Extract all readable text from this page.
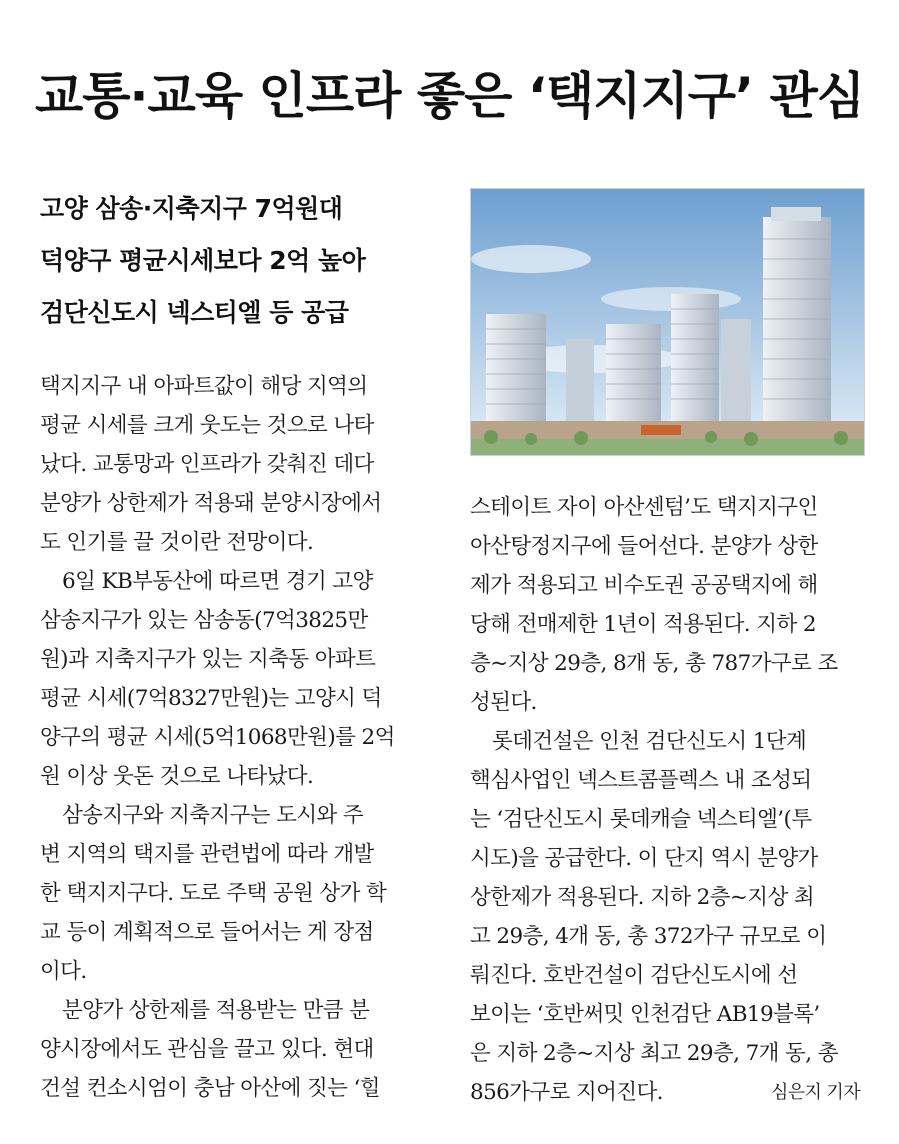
교통·교육 인프라 좋은 ‘택지지구’ 관심
고양 삼송·지축지구 7억원대
덕양구 평균시세보다 2억 높아
검단신도시 넥스티엘 등 공급
택지지구 내 아파트값이 해당 지역의
평균 시세를 크게 웃도는 것으로 나타
났다. 교통망과 인프라가 갖춰진 데다
분양가 상한제가 적용돼 분양시장에서
도 인기를 끌 것이란 전망이다.
6일 KB부동산에 따르면 경기 고양
삼송지구가 있는 삼송동(7억3825만
원)과 지축지구가 있는 지축동 아파트
평균 시세(7억8327만원)는 고양시 덕
양구의 평균 시세(5억1068만원)를 2억
원 이상 웃돈 것으로 나타났다.
삼송지구와 지축지구는 도시와 주
변 지역의 택지를 관련법에 따라 개발
한 택지지구다. 도로 주택 공원 상가 학
교 등이 계획적으로 들어서는 게 장점
이다.
분양가 상한제를 적용받는 만큼 분
양시장에서도 관심을 끌고 있다. 현대
건설 컨소시엄이 충남 아산에 짓는 ‘힐
스테이트 자이 아산센텀’도 택지지구인
아산탕정지구에 들어선다. 분양가 상한
제가 적용되고 비수도권 공공택지에 해
당해 전매제한 1년이 적용된다. 지하 2
층~지상 29층, 8개 동, 총 787가구로 조
성된다.
롯데건설은 인천 검단신도시 1단계
핵심사업인 넥스트콤플렉스 내 조성되
는 ‘검단신도시 롯데캐슬 넥스티엘’(투
시도)을 공급한다. 이 단지 역시 분양가
상한제가 적용된다. 지하 2층~지상 최
고 29층, 4개 동, 총 372가구 규모로 이
뤄진다. 호반건설이 검단신도시에 선
보이는 ‘호반써밋 인천검단 AB19블록’
은 지하 2층~지상 최고 29층, 7개 동, 총
856가구로 지어진다.	심은지 기자
